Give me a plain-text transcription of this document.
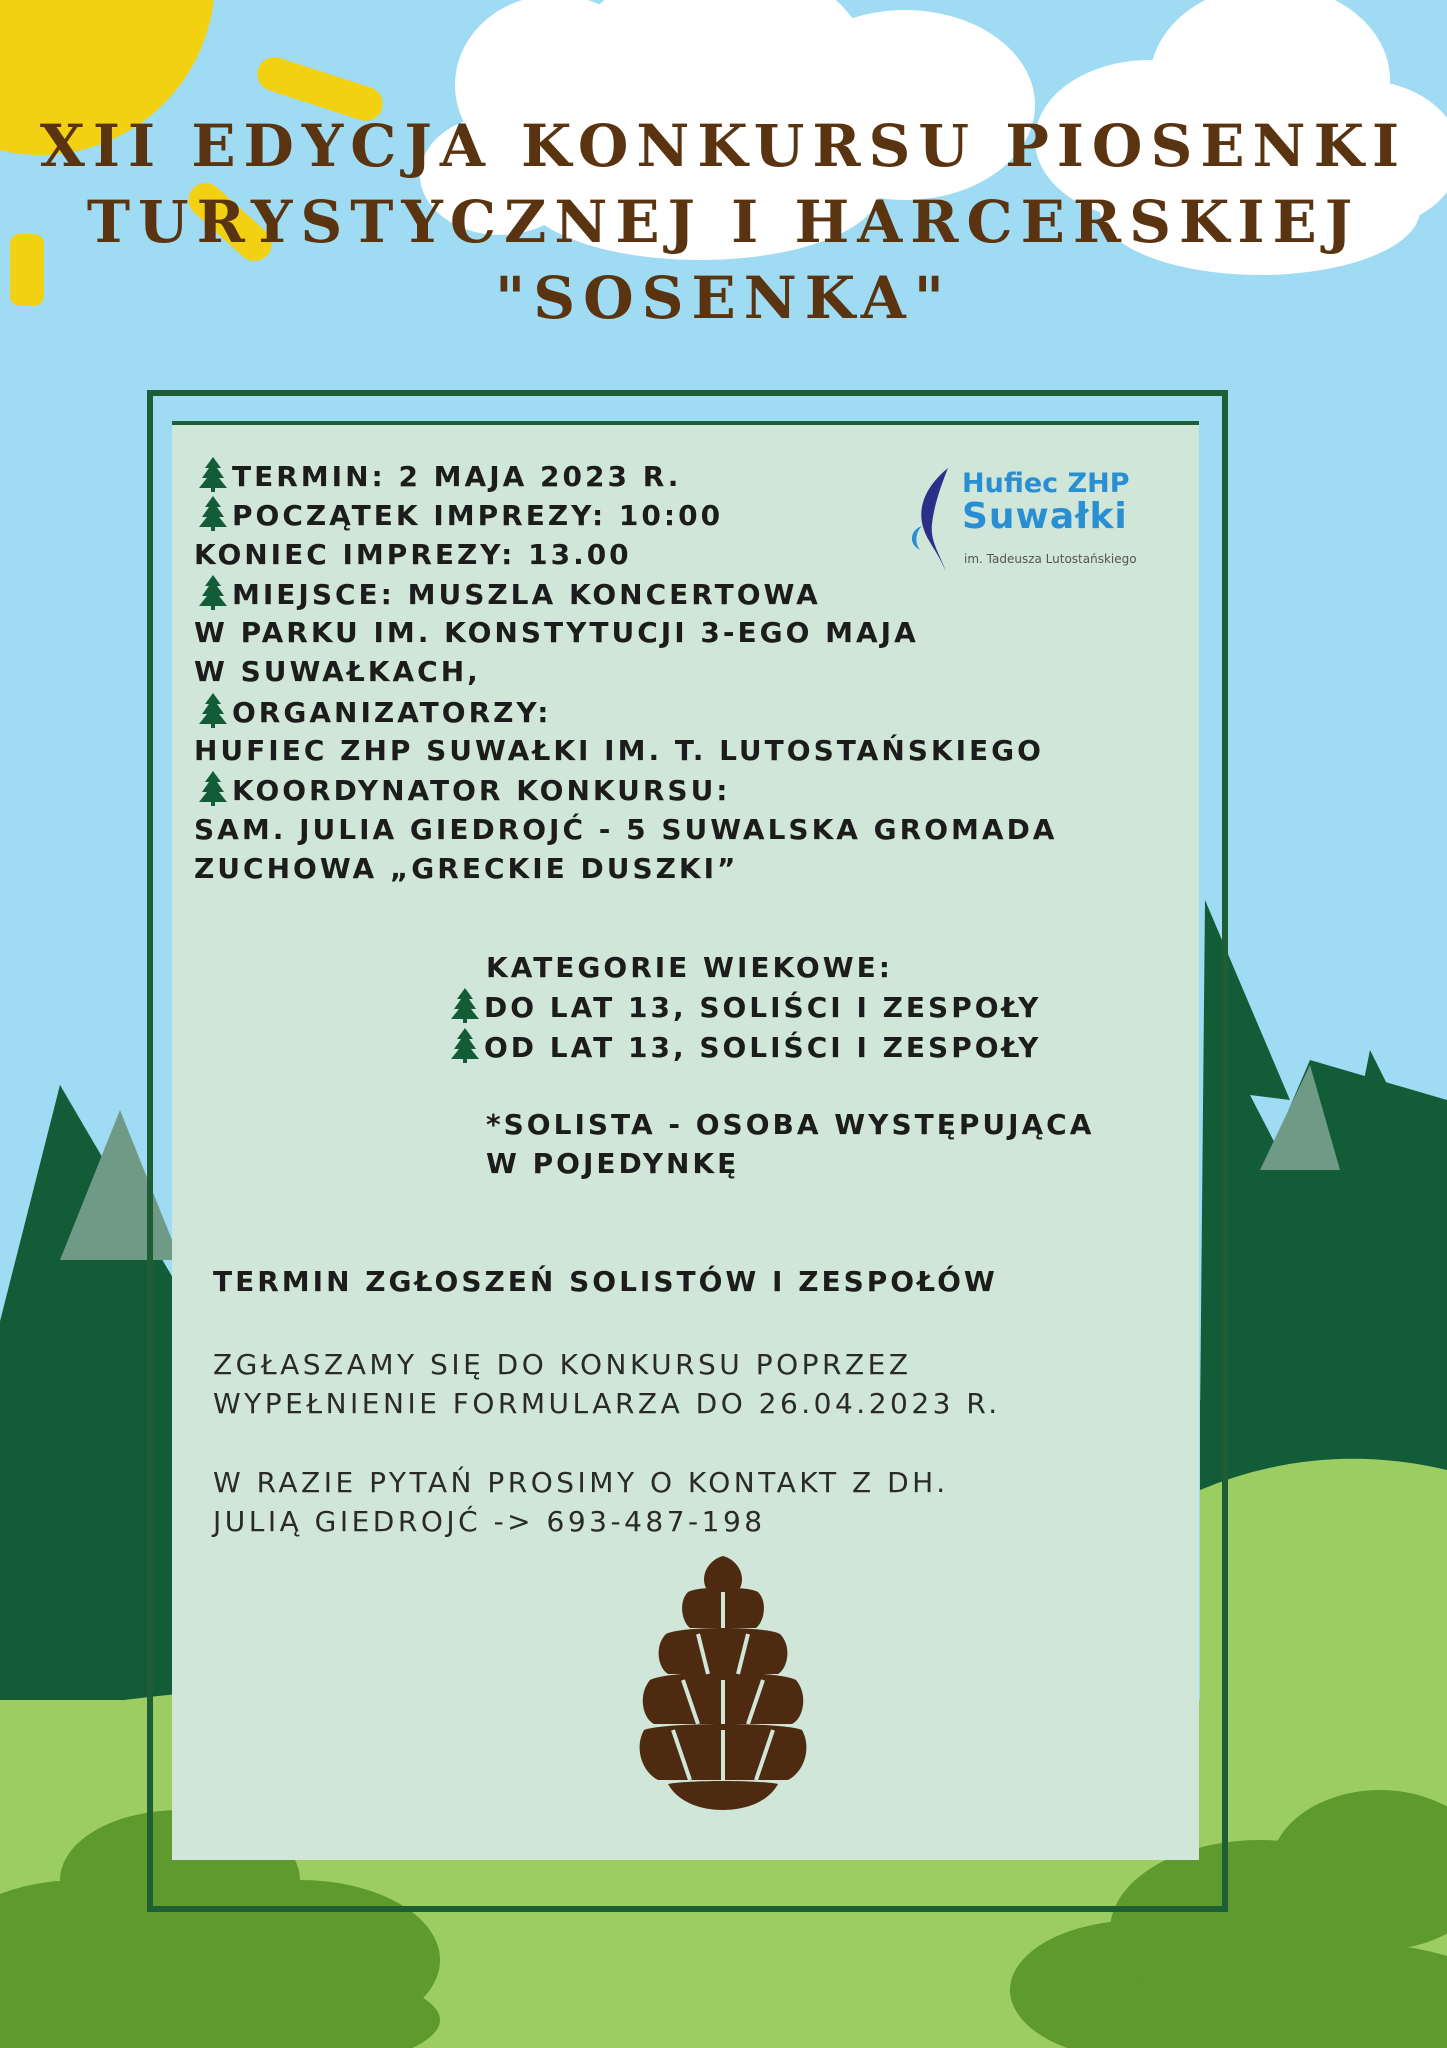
XII EDYCJA KONKURSU PIOSENKI
TURYSTYCZNEJ I HARCERSKIEJ
"SOSENKA"
Hufiec ZHP
Suwałki
im. Tadeusza Lutostańskiego
TERMIN: 2 MAJA 2023 R.
POCZĄTEK IMPREZY: 10:00
KONIEC IMPREZY: 13.00
MIEJSCE: MUSZLA KONCERTOWA
W PARKU IM. KONSTYTUCJI 3-EGO MAJA
W SUWAŁKACH,
ORGANIZATORZY:
HUFIEC ZHP SUWAŁKI IM. T. LUTOSTAŃSKIEGO
KOORDYNATOR KONKURSU:
SAM. JULIA GIEDROJĆ - 5 SUWALSKA GROMADA
ZUCHOWA „GRECKIE DUSZKI”
KATEGORIE WIEKOWE:
DO LAT 13, SOLIŚCI I ZESPOŁY
OD LAT 13, SOLIŚCI I ZESPOŁY
*SOLISTA - OSOBA WYSTĘPUJĄCA
W POJEDYNKĘ
TERMIN ZGŁOSZEŃ SOLISTÓW I ZESPOŁÓW
ZGŁASZAMY SIĘ DO KONKURSU POPRZEZ
WYPEŁNIENIE FORMULARZA DO 26.04.2023 R.
W RAZIE PYTAŃ PROSIMY O KONTAKT Z DH.
JULIĄ GIEDROJĆ -> 693-487-198
